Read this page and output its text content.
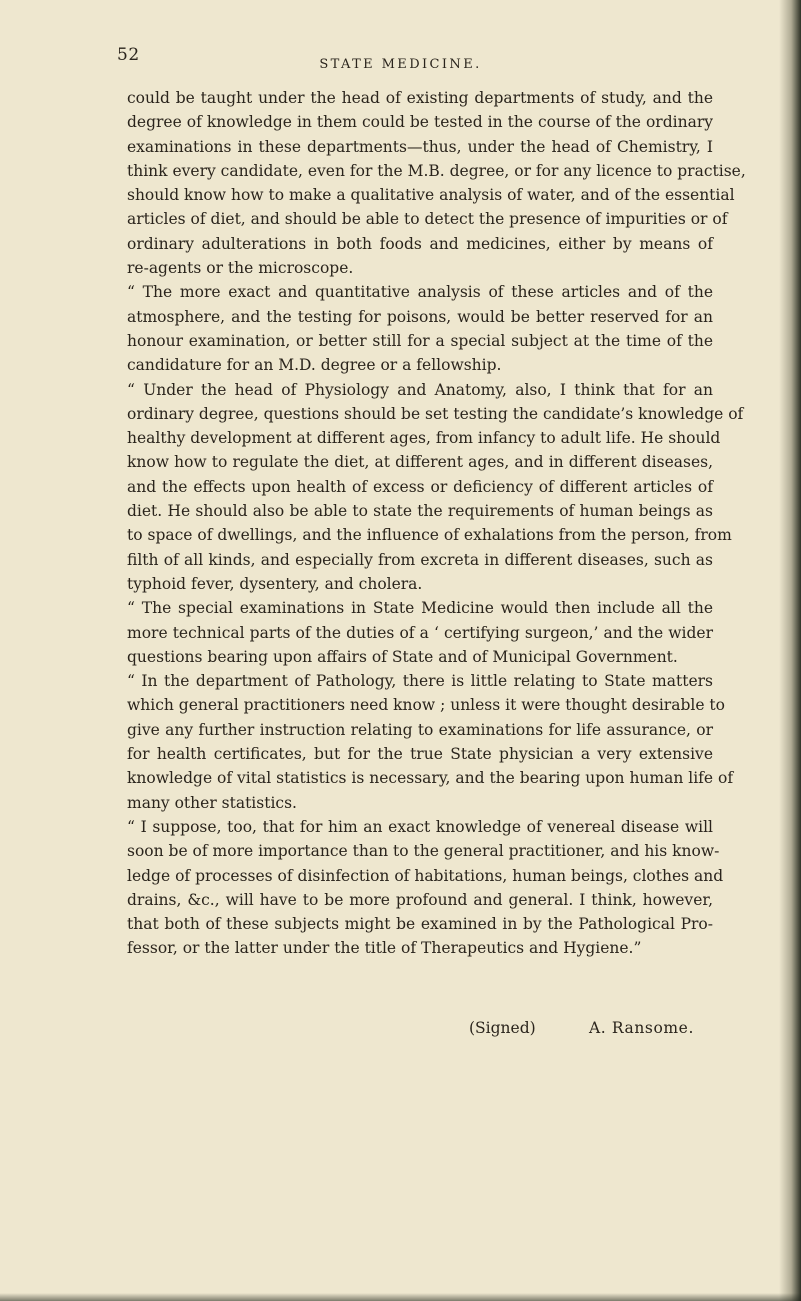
52	STATE MEDICINE.
could be taught under the head of existing departments of study, and the
degree of knowledge in them could be tested in the course of the ordinary
examinations in these departments—thus, under the head of Chemistry, I
think every candidate, even for the M.B. degree, or for any licence to practise,
should know how to make a qualitative analysis of water, and of the essential
articles of diet, and should be able to detect the presence of impurities or of
ordinary adulterations in both foods and medicines, either by means of
re-agents or the microscope.
“ The more exact and quantitative analysis of these articles and of the
atmosphere, and the testing for poisons, would be better reserved for an
honour examination, or better still for a special subject at the time of the
candidature for an M.D. degree or a fellowship.
“ Under the head of Physiology and Anatomy, also, I think that for an
ordinary degree, questions should be set testing the candidate’s knowledge of
healthy development at different ages, from infancy to adult life. He should
know how to regulate the diet, at different ages, and in different diseases,
and the effects upon health of excess or deficiency of different articles of
diet. He should also be able to state the requirements of human beings as
to space of dwellings, and the influence of exhalations from the person, from
filth of all kinds, and especially from excreta in different diseases, such as
typhoid fever, dysentery, and cholera.
“ The special examinations in State Medicine would then include all the
more technical parts of the duties of a ‘ certifying surgeon,’ and the wider
questions bearing upon affairs of State and of Municipal Government.
“ In the department of Pathology, there is little relating to State matters
which general practitioners need know ; unless it were thought desirable to
give any further instruction relating to examinations for life assurance, or
for health certificates, but for the true State physician a very extensive
knowledge of vital statistics is necessary, and the bearing upon human life of
many other statistics.
“ I suppose, too, that for him an exact knowledge of venereal disease will
soon be of more importance than to the general practitioner, and his know-
ledge of processes of disinfection of habitations, human beings, clothes and
drains, &c., will have to be more profound and general. I think, however,
that both of these subjects might be examined in by the Pathological Pro-
fessor, or the latter under the title of Therapeutics and Hygiene.”
(Signed)	A. Ransome.
